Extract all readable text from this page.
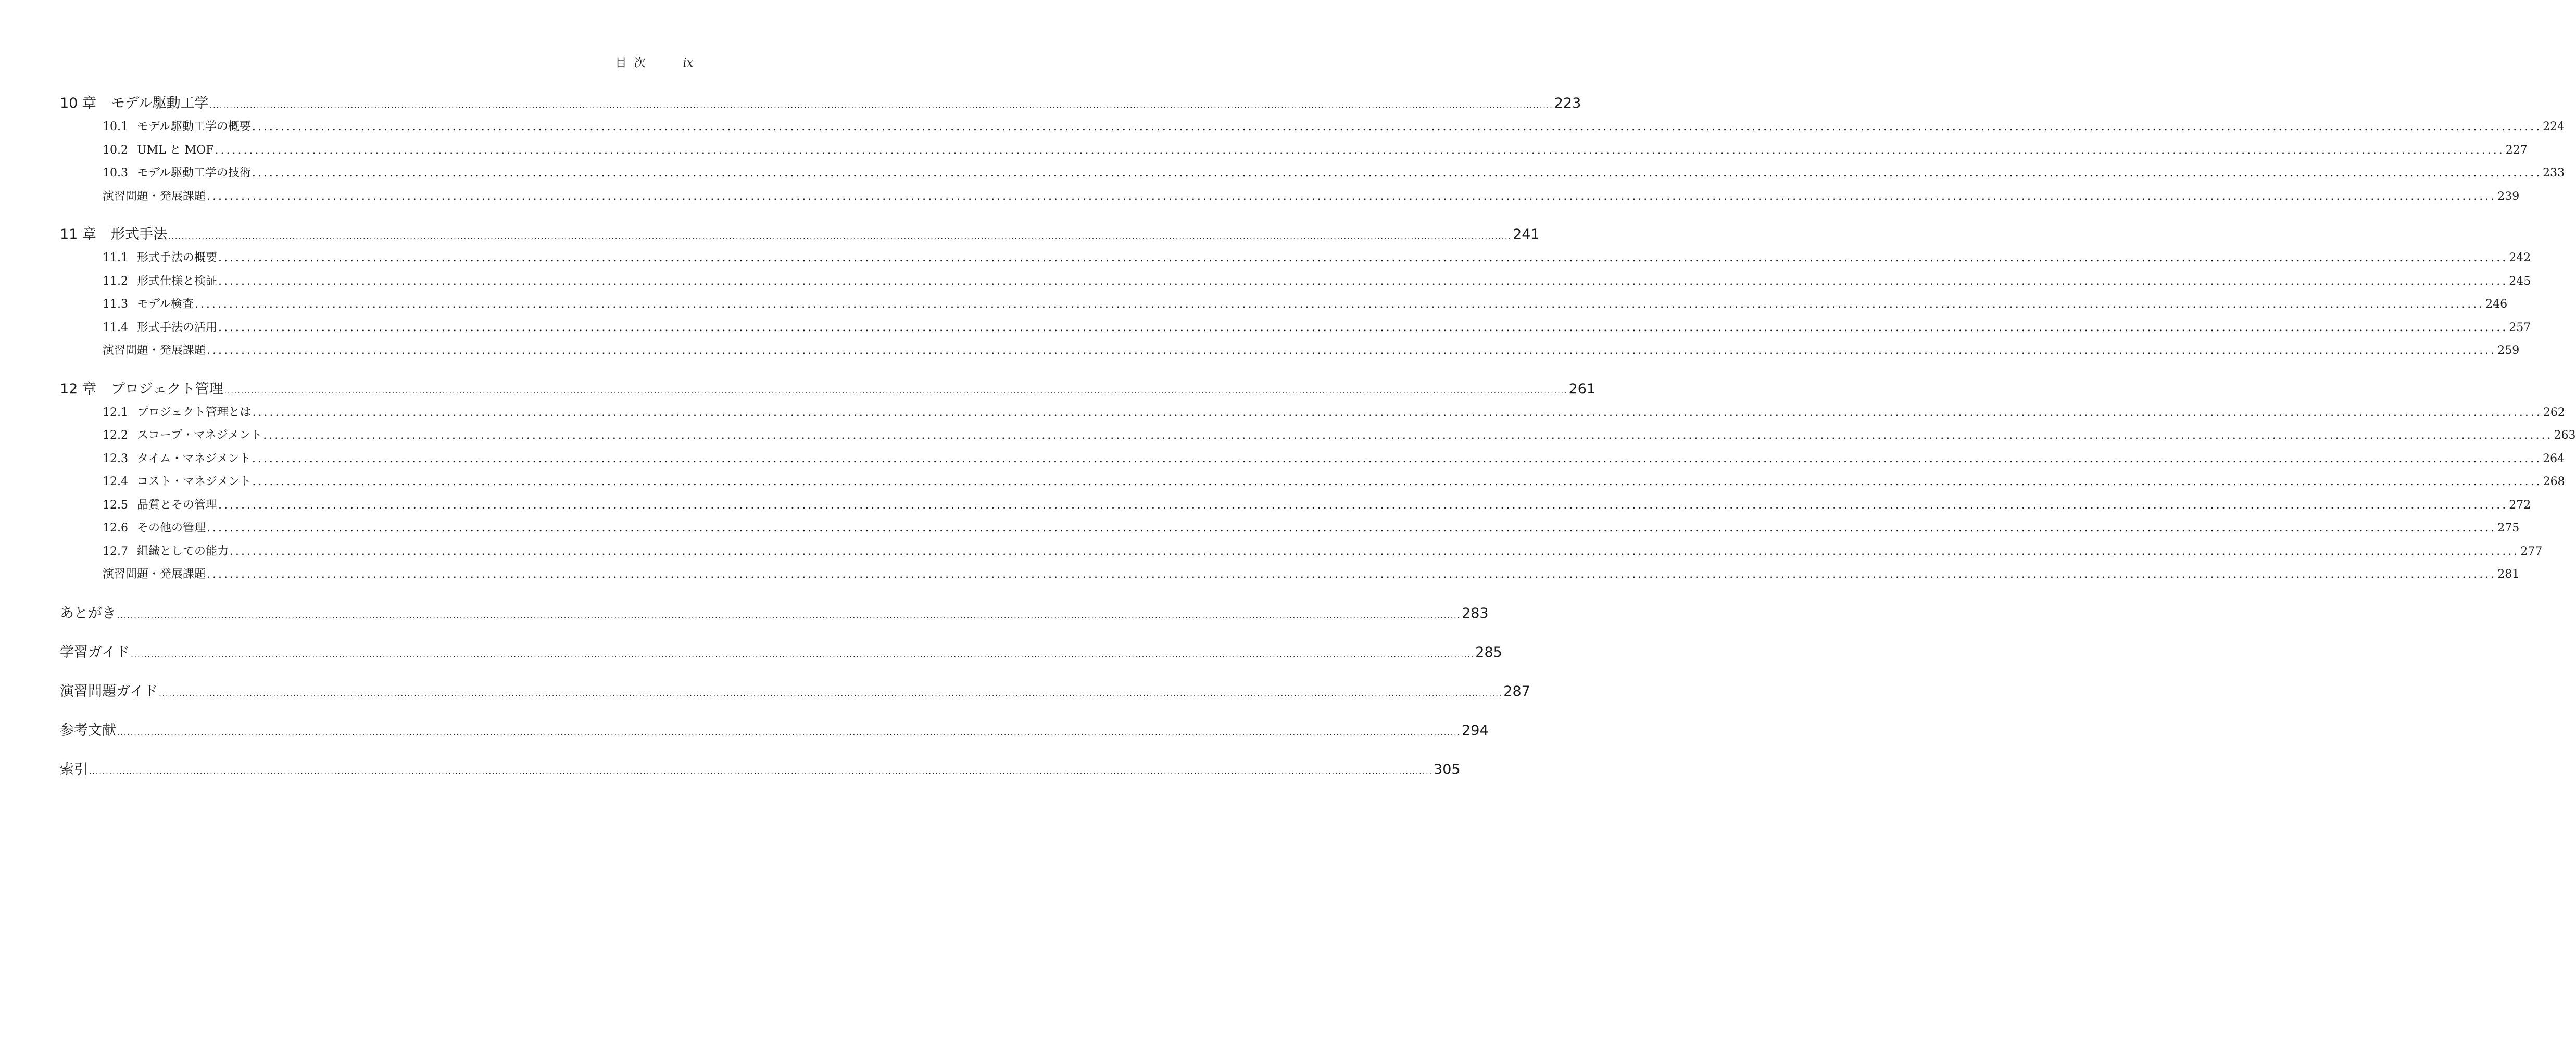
目次	ix
10 章 モデル駆動工学 ................................................................................................................................................................................................................................................................................................................................................................................................................ 223
10.1 モデル駆動工学の概要 ................................................................................................................................................................................................................................................................................................................................................................................................................ 224
10.2 UML と MOF ................................................................................................................................................................................................................................................................................................................................................................................................................ 227
10.3 モデル駆動工学の技術 ................................................................................................................................................................................................................................................................................................................................................................................................................ 233
演習問題・発展課題 ................................................................................................................................................................................................................................................................................................................................................................................................................ 239
11 章 形式手法 ................................................................................................................................................................................................................................................................................................................................................................................................................ 241
11.1 形式手法の概要 ................................................................................................................................................................................................................................................................................................................................................................................................................ 242
11.2 形式仕様と検証 ................................................................................................................................................................................................................................................................................................................................................................................................................ 245
11.3 モデル検査 ................................................................................................................................................................................................................................................................................................................................................................................................................ 246
11.4 形式手法の活用 ................................................................................................................................................................................................................................................................................................................................................................................................................ 257
演習問題・発展課題 ................................................................................................................................................................................................................................................................................................................................................................................................................ 259
12 章 プロジェクト管理 ................................................................................................................................................................................................................................................................................................................................................................................................................ 261
12.1 プロジェクト管理とは ................................................................................................................................................................................................................................................................................................................................................................................................................ 262
12.2 スコープ・マネジメント ................................................................................................................................................................................................................................................................................................................................................................................................................ 263
12.3 タイム・マネジメント ................................................................................................................................................................................................................................................................................................................................................................................................................ 264
12.4 コスト・マネジメント ................................................................................................................................................................................................................................................................................................................................................................................................................ 268
12.5 品質とその管理 ................................................................................................................................................................................................................................................................................................................................................................................................................ 272
12.6 その他の管理 ................................................................................................................................................................................................................................................................................................................................................................................................................ 275
12.7 組織としての能力 ................................................................................................................................................................................................................................................................................................................................................................................................................ 277
演習問題・発展課題 ................................................................................................................................................................................................................................................................................................................................................................................................................ 281
あとがき ................................................................................................................................................................................................................................................................................................................................................................................................................ 283
学習ガイド ................................................................................................................................................................................................................................................................................................................................................................................................................ 285
演習問題ガイド ................................................................................................................................................................................................................................................................................................................................................................................................................ 287
参考文献 ................................................................................................................................................................................................................................................................................................................................................................................................................ 294
索引 ................................................................................................................................................................................................................................................................................................................................................................................................................ 305
